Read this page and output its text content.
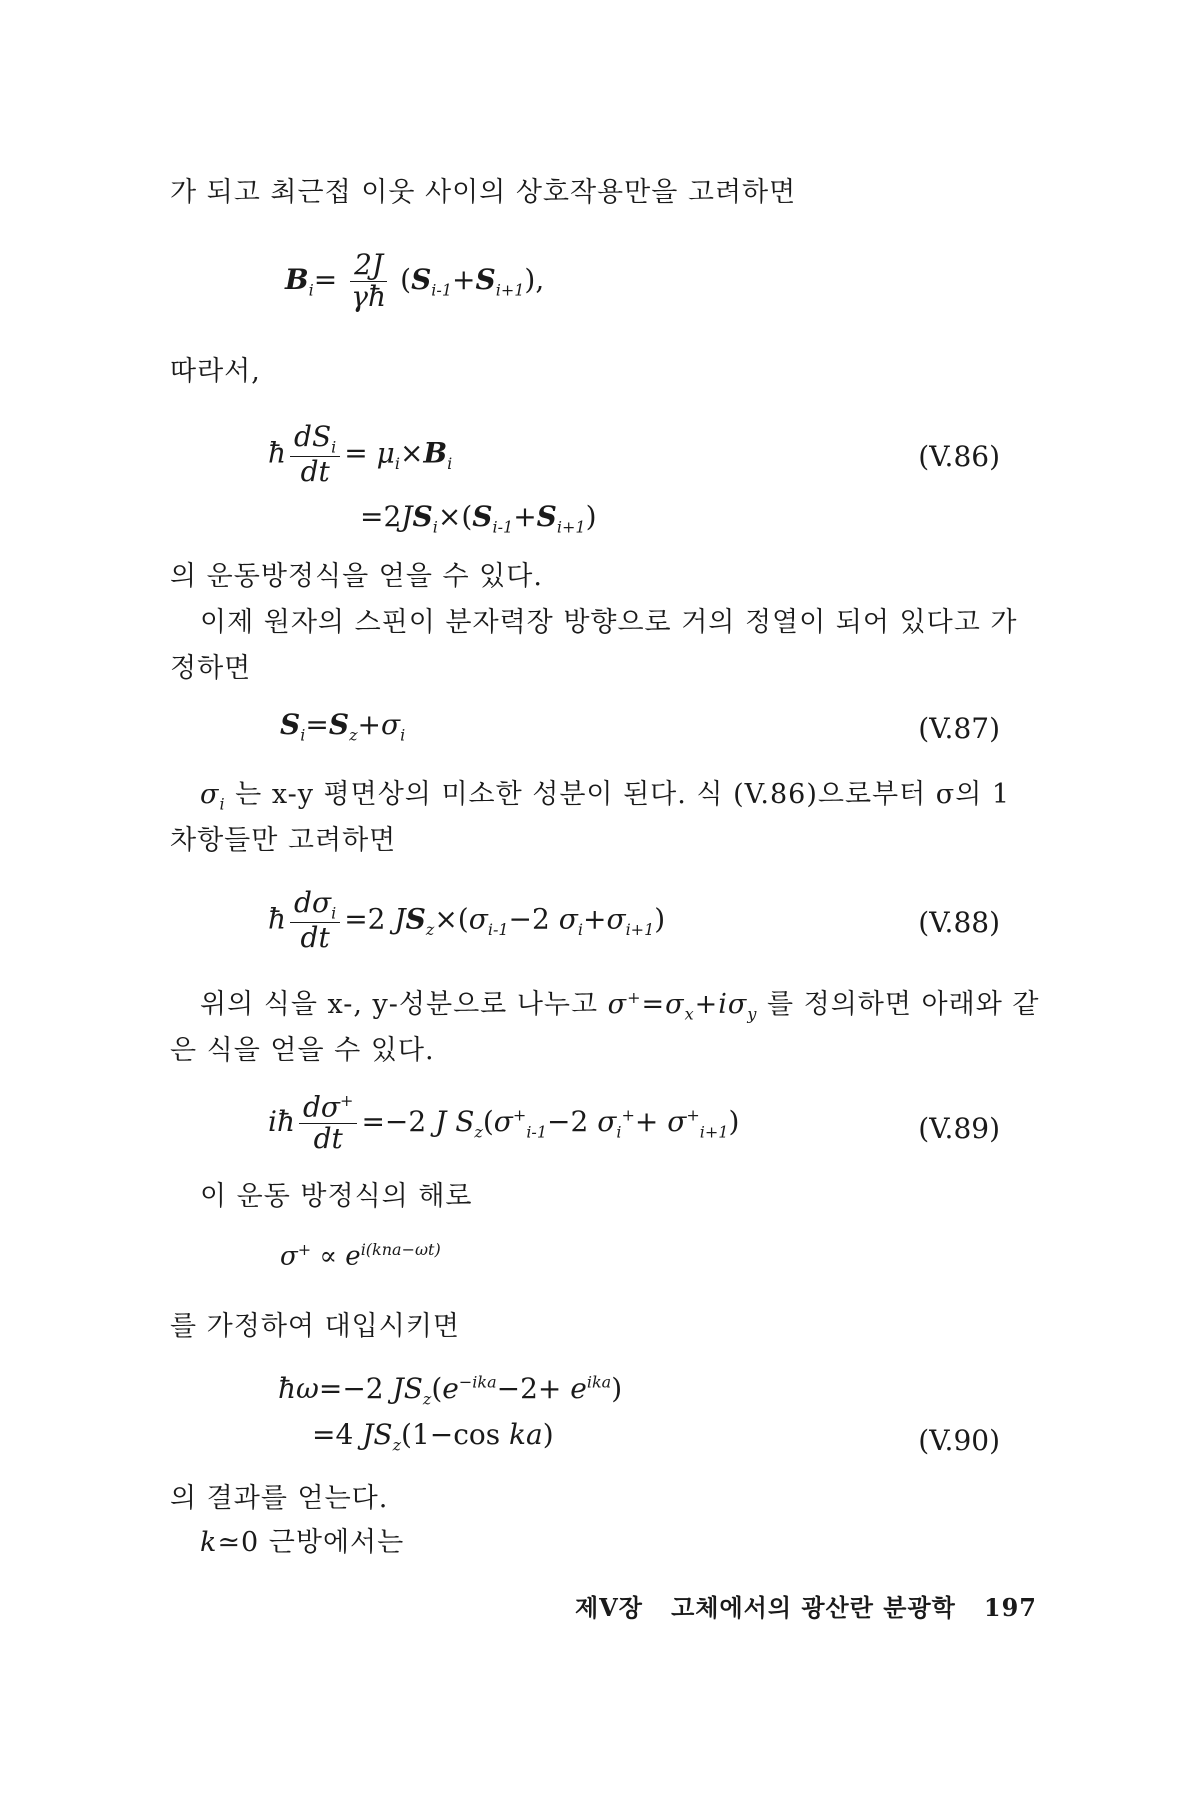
가 되고 최근접 이웃 사이의 상호작용만을 고려하면
$B_i= \frac{2J}{\gamma ħ} (S_{i-1}+S_{i+1})$,
따라서,
ħ $\frac{dS_i}{dt} = \mu_i\times B_i$	(V.86)
$=2JS_i\times(S_{i-1}+S_{i+1})$
의 운동방정식을 얻을 수 있다.
이제 원자의 스핀이 분자력장 방향으로 거의 정열이 되어 있다고 가
정하면
$S_i=S_z+\sigma_i$	(V.87)
$\sigma_i$ 는 x-y 평면상의 미소한 성분이 된다. 식 (V.86)으로부터 σ의 1
차항들만 고려하면
ħ $\frac{d\sigma_i}{dt} =2$ $JS_z\times(\sigma_{i-1}-2$ $\sigma_i+\sigma_{i+1}$)	(V.88)
위의 식을 x-, y-성분으로 나누고 $\sigma^+=\sigma_x+i\sigma_y$ 를 정의하면 아래와 같
은 식을 얻을 수 있다.
iħ $\frac{d\sigma^+}{dt} =-2$ J $S_z(\sigma^+_{i-1}-2$ $\sigma_i^++ \sigma^+_{i+1}$)	(V.89)
이 운동 방정식의 해로
$\sigma^+ \propto e^{i(kna-\omega t)}$
를 가정하여 대입시키면
ħω=−2 $JS_z(e^{-ika}-2+ e^{ika})$
=4 $JS_z(1-\cos$ ka)	(V.90)
의 결과를 얻는다.
k≃0 근방에서는
제V장 고체에서의 광산란 분광학 197
